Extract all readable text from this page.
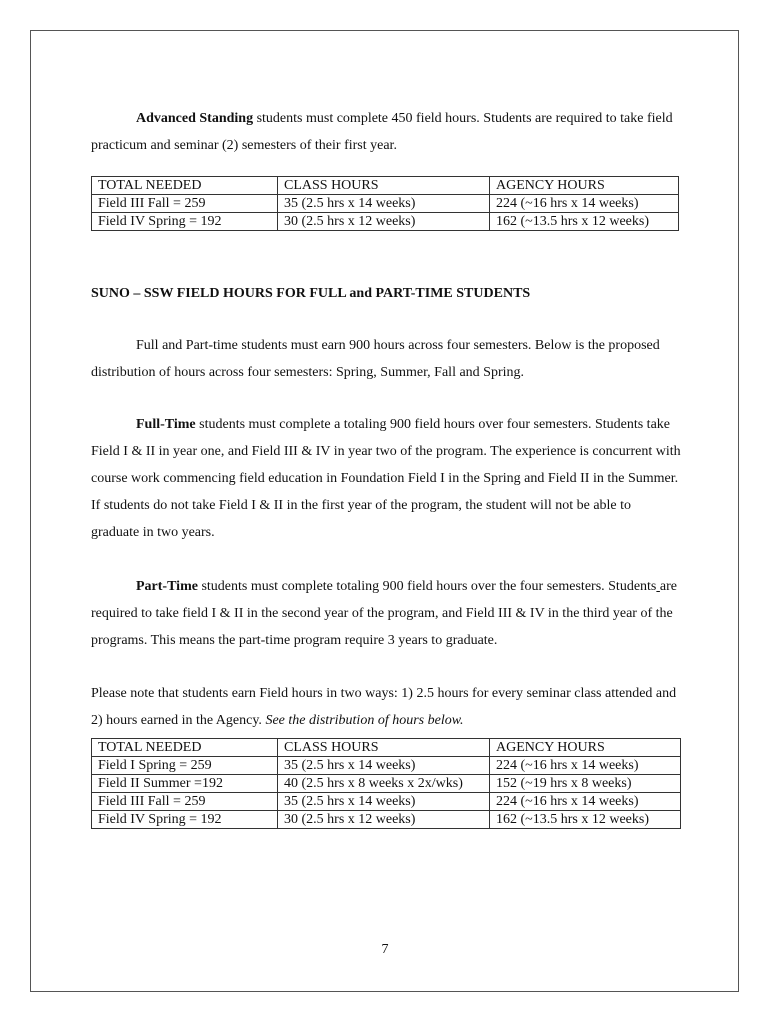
Advanced Standing students must complete 450 field hours. Students are required to take field practicum and seminar (2) semesters of their first year.

TOTAL NEEDED	CLASS HOURS	AGENCY HOURS
Field III Fall = 259	35 (2.5 hrs x 14 weeks)	224 (~16 hrs x 14 weeks)
Field IV Spring = 192	30 (2.5 hrs x 12 weeks)	162 (~13.5 hrs x 12 weeks)
SUNO – SSW FIELD HOURS FOR FULL and PART-TIME STUDENTS

Full and Part-time students must earn 900 hours across four semesters. Below is the proposed distribution of hours across four semesters: Spring, Summer, Fall and Spring.

Full-Time students must complete a totaling 900 field hours over four semesters. Students take Field I & II in year one, and Field III & IV in year two of the program. The experience is concurrent with course work commencing field education in Foundation Field I in the Spring and Field II in the Summer. If students do not take Field I & II in the first year of the program, the student will not be able to graduate in two years.

Part-Time students must complete totaling 900 field hours over the four semesters. Students are required to take field I & II in the second year of the program, and Field III & IV in the third year of the programs. This means the part-time program require 3 years to graduate.

Please note that students earn Field hours in two ways: 1) 2.5 hours for every seminar class attended and 2) hours earned in the Agency. See the distribution of hours below.

TOTAL NEEDED	CLASS HOURS	AGENCY HOURS
Field I Spring = 259	35 (2.5 hrs x 14 weeks)	224 (~16 hrs x 14 weeks)
Field II Summer =192	40 (2.5 hrs x 8 weeks x 2x/wks)	152 (~19 hrs x 8 weeks)
Field III Fall = 259	35 (2.5 hrs x 14 weeks)	224 (~16 hrs x 14 weeks)
Field IV Spring = 192	30 (2.5 hrs x 12 weeks)	162 (~13.5 hrs x 12 weeks)
7
